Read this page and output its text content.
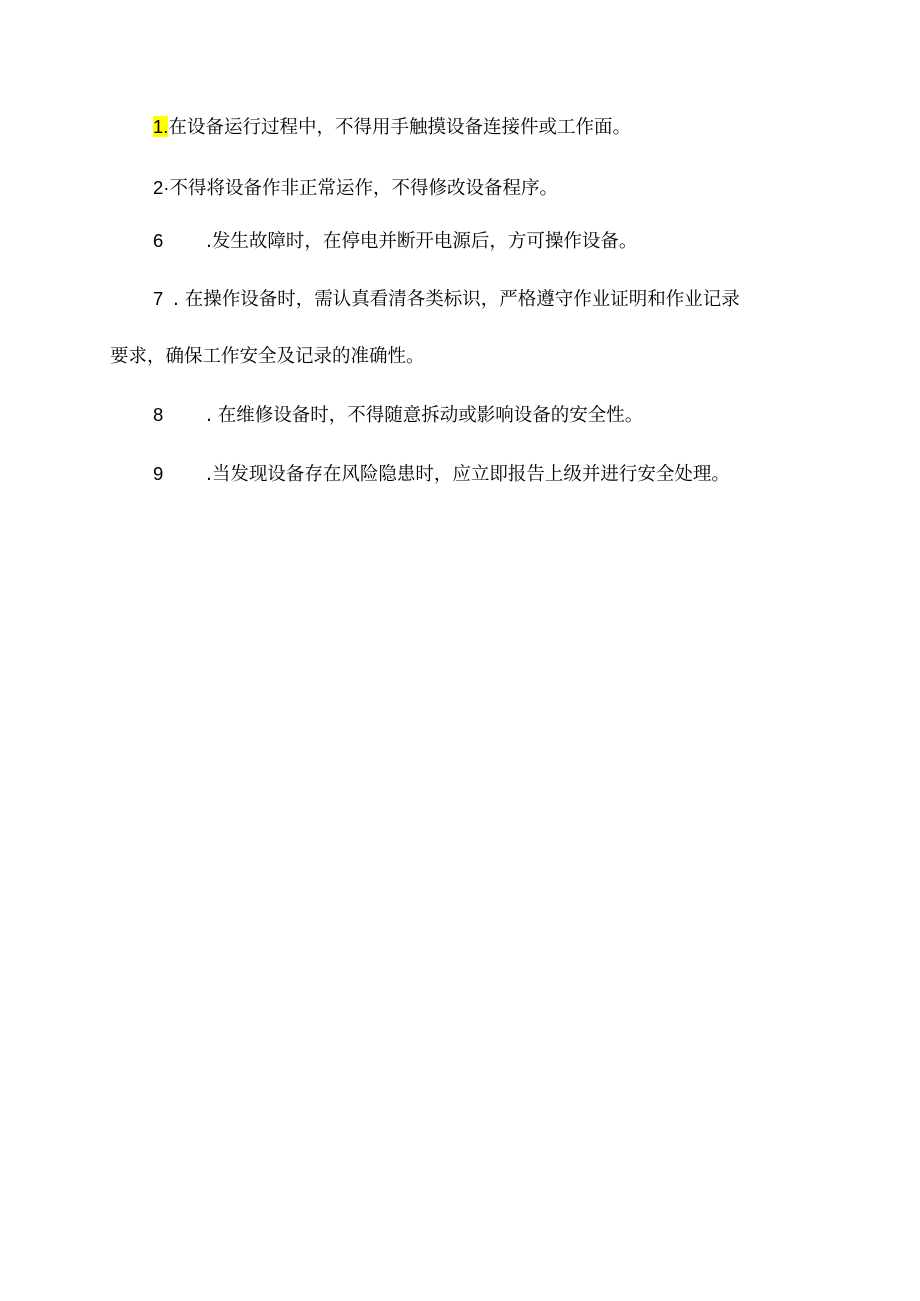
1.在设备运行过程中，不得用手触摸设备连接件或工作面。
2·不得将设备作非正常运作，不得修改设备程序。
6 .发生故障时，在停电并断开电源后，方可操作设备。
7 . 在操作设备时，需认真看清各类标识，严格遵守作业证明和作业记录
要求，确保工作安全及记录的准确性。
8 . 在维修设备时，不得随意拆动或影响设备的安全性。
9 .当发现设备存在风险隐患时，应立即报告上级并进行安全处理。
